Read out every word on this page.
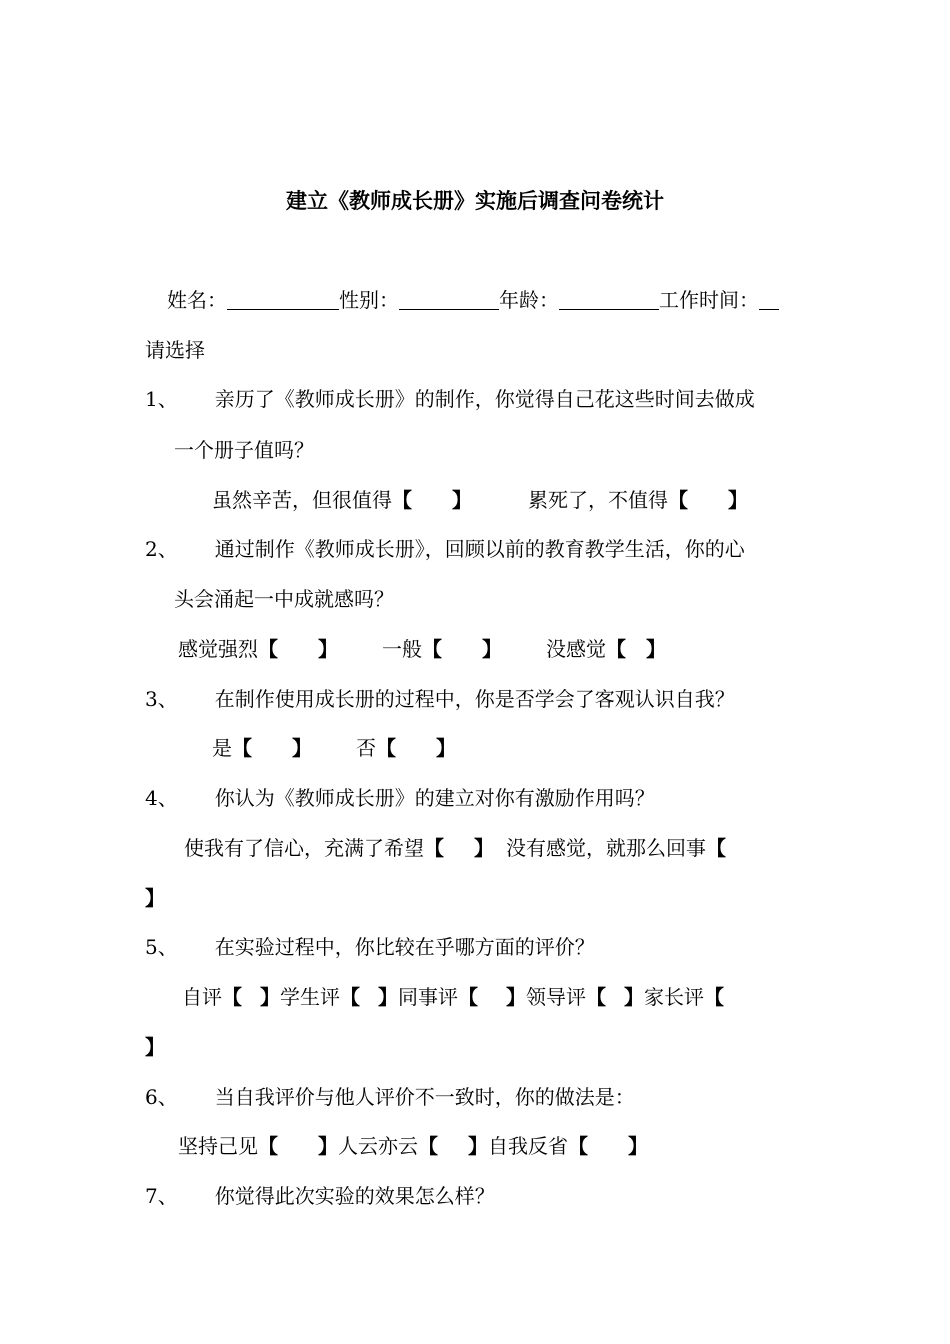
建立《教师成长册》实施后调查问卷统计
姓名：	性别：	年龄：	工作时间：
请选择
1、 亲历了《教师成长册》的制作，你觉得自己花这些时间去做成
一个册子值吗？
虽然辛苦，但很值得【 】	累死了，不值得【 】
2、 通过制作《教师成长册》，回顾以前的教育教学生活，你的心
头会涌起一中成就感吗？
感觉强烈【 】 一般【 】 没感觉【 】
3、 在制作使用成长册的过程中，你是否学会了客观认识自我？
是【 】 否【 】
4、 你认为《教师成长册》的建立对你有激励作用吗？
使我有了信心，充满了希望【 】 没有感觉，就那么回事【
】
5、 在实验过程中，你比较在乎哪方面的评价？
自评【 】学生评【 】同事评【 】领导评【 】家长评【
】
6、 当自我评价与他人评价不一致时，你的做法是：
坚持己见【 】人云亦云【 】自我反省【 】
7、 你觉得此次实验的效果怎么样？
